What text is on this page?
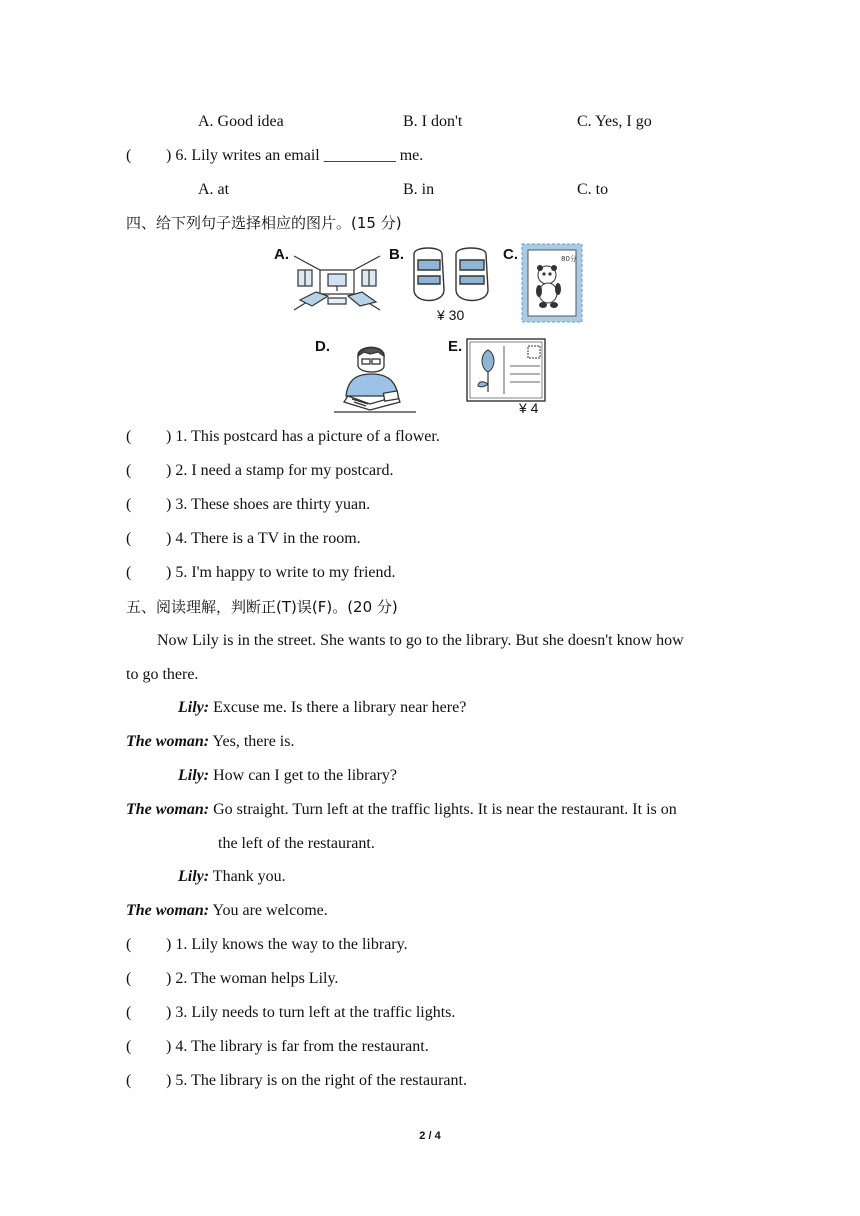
A. Good idea	B. I don't	C. Yes, I go
( ) 6. Lily writes an email _________ me.
A. at	B. in	C. to
四、给下列句子选择相应的图片。(15 分)
A.	B.
¥ 30
C.	80分
D.	E.
¥ 4
( ) 1. This postcard has a picture of a flower.
( ) 2. I need a stamp for my postcard.
( ) 3. These shoes are thirty yuan.
( ) 4. There is a TV in the room.
( ) 5. I'm happy to write to my friend.
五、阅读理解，判断正(T)误(F)。(20 分)
Now Lily is in the street. She wants to go to the library. But she doesn't know how
to go there.
Lily: Excuse me. Is there a library near here?
The woman: Yes, there is.
Lily: How can I get to the library?
The woman: Go straight. Turn left at the traffic lights. It is near the restaurant. It is on
the left of the restaurant.
Lily: Thank you.
The woman: You are welcome.
( ) 1. Lily knows the way to the library.
( ) 2. The woman helps Lily.
( ) 3. Lily needs to turn left at the traffic lights.
( ) 4. The library is far from the restaurant.
( ) 5. The library is on the right of the restaurant.
2 / 4
